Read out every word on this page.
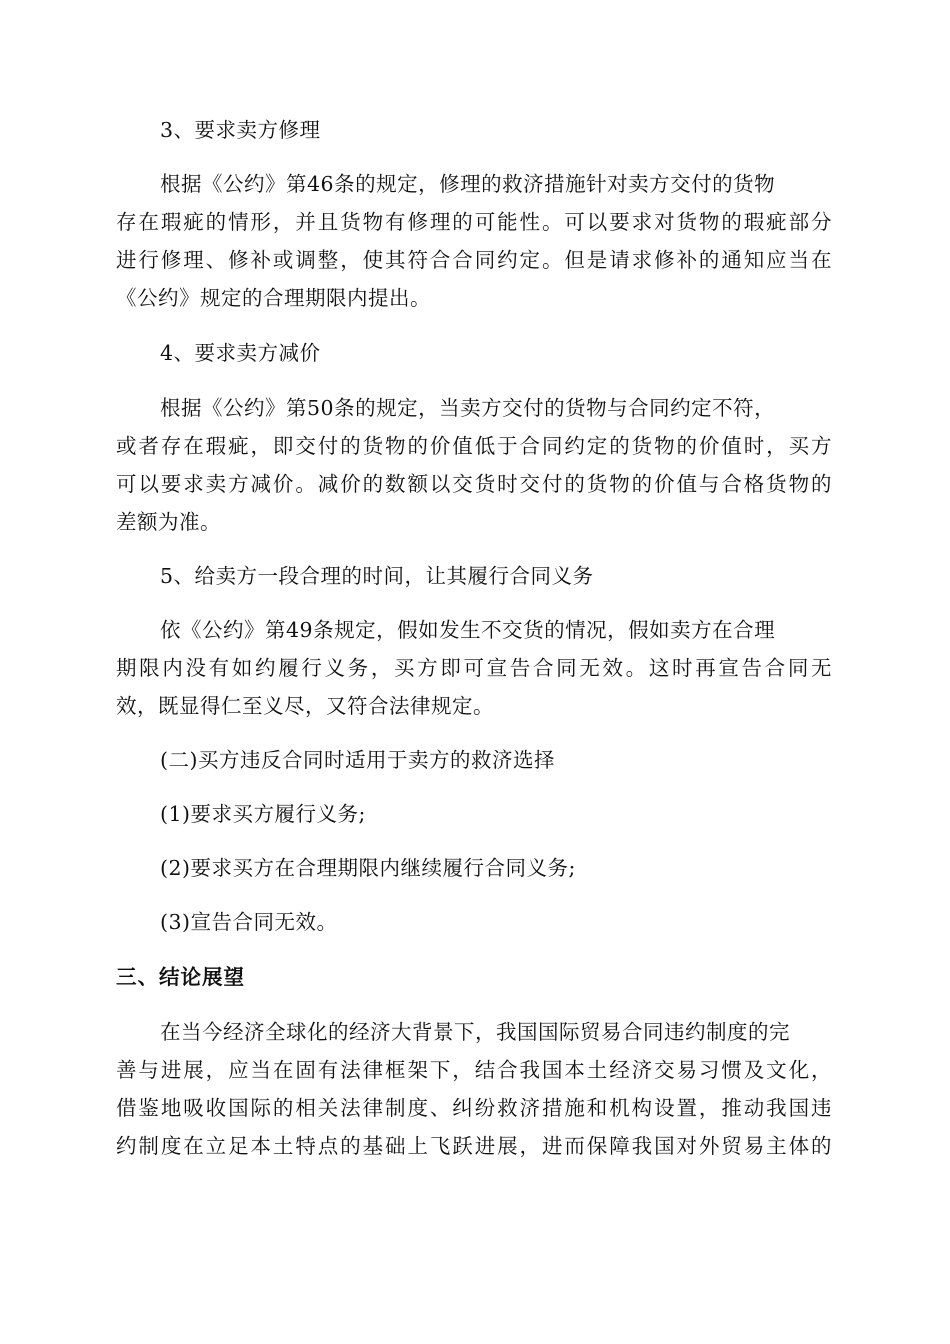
3、要求卖方修理
根据《公约》第46条的规定，修理的救济措施针对卖方交付的货物
存在瑕疵的情形，并且货物有修理的可能性。可以要求对货物的瑕疵部分
进行修理、修补或调整，使其符合合同约定。但是请求修补的通知应当在
《公约》规定的合理期限内提出。
4、要求卖方减价
根据《公约》第50条的规定，当卖方交付的货物与合同约定不符，
或者存在瑕疵，即交付的货物的价值低于合同约定的货物的价值时，买方
可以要求卖方减价。减价的数额以交货时交付的货物的价值与合格货物的
差额为准。
5、给卖方一段合理的时间，让其履行合同义务
依《公约》第49条规定，假如发生不交货的情况，假如卖方在合理
期限内没有如约履行义务，买方即可宣告合同无效。这时再宣告合同无
效，既显得仁至义尽，又符合法律规定。
(二)买方违反合同时适用于卖方的救济选择
(1)要求买方履行义务;
(2)要求买方在合理期限内继续履行合同义务;
(3)宣告合同无效。
三、结论展望
在当今经济全球化的经济大背景下，我国国际贸易合同违约制度的完
善与进展，应当在固有法律框架下，结合我国本土经济交易习惯及文化，
借鉴地吸收国际的相关法律制度、纠纷救济措施和机构设置，推动我国违
约制度在立足本土特点的基础上飞跃进展，进而保障我国对外贸易主体的
